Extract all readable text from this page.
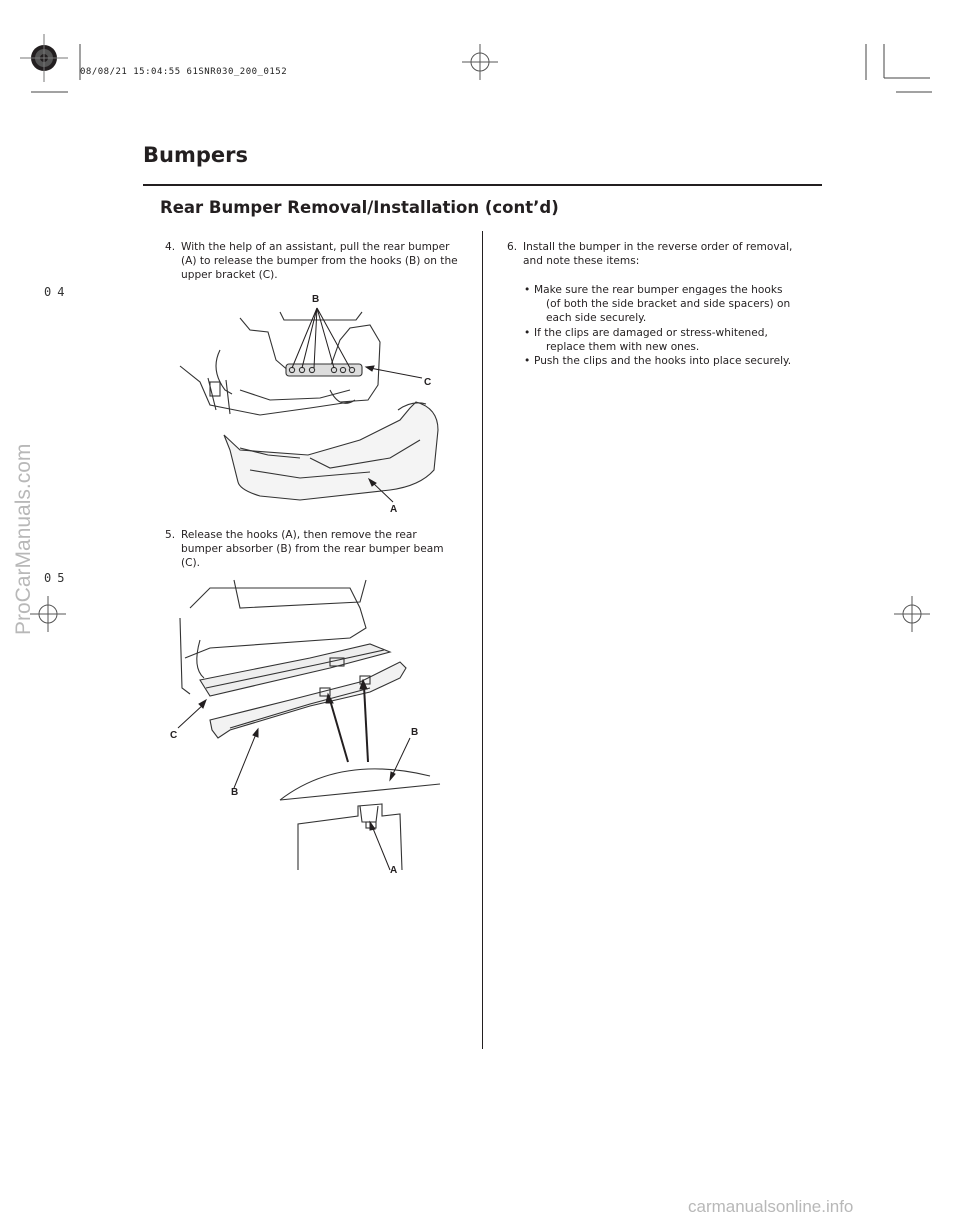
08/08/21 15:04:55 61SNR030_200_0152
04
05
Bumpers
Rear Bumper Removal/Installation (cont’d)
4. With the help of an assistant, pull the rear bumper
(A) to release the bumper from the hooks (B) on the
upper bracket (C).
B
C
A
5. Release the hooks (A), then remove the rear
bumper absorber (B) from the rear bumper beam
(C).
C
B
B
A
6. Install the bumper in the reverse order of removal,
and note these items:
• Make sure the rear bumper engages the hooks
(of both the side bracket and side spacers) on
each side securely.
• If the clips are damaged or stress-whitened,
replace them with new ones.
• Push the clips and the hooks into place securely.
ProCarManuals.com
carmanualsonline.info
